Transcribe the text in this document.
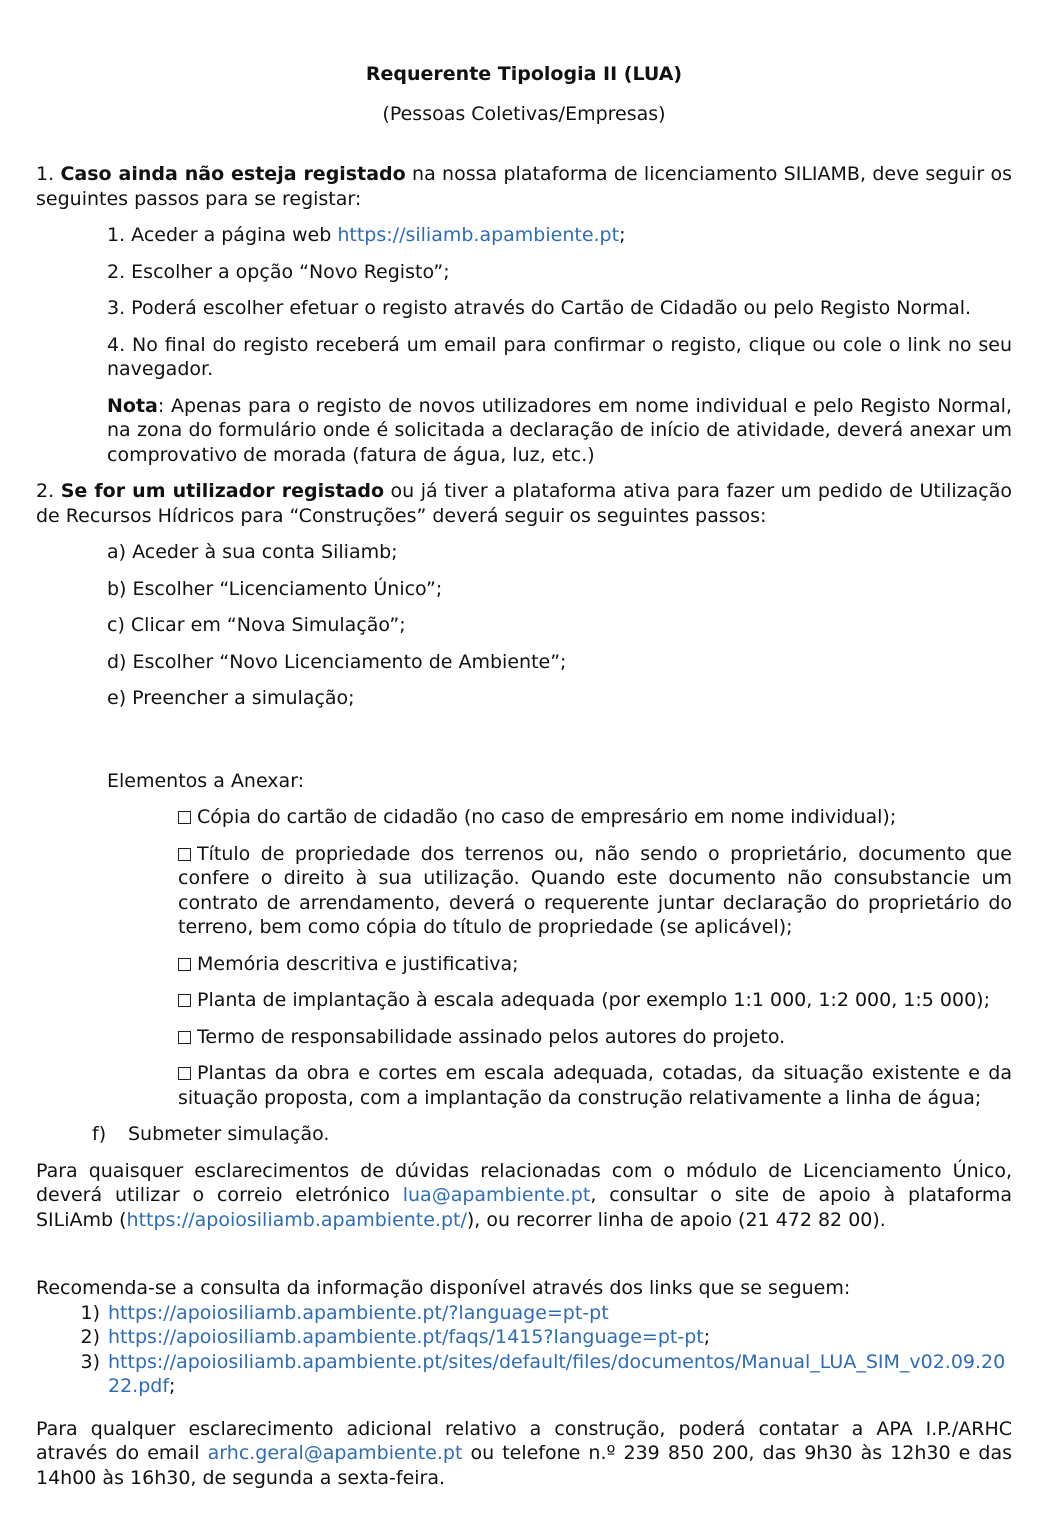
Requerente Tipologia II (LUA)

(Pessoas Coletivas/Empresas)

1. Caso ainda não esteja registado na nossa plataforma de licenciamento SILIAMB, deve seguir os seguintes passos para se registar:

1. Aceder a página web https://siliamb.apambiente.pt;

2. Escolher a opção “Novo Registo”;

3. Poderá escolher efetuar o registo através do Cartão de Cidadão ou pelo Registo Normal.

4. No final do registo receberá um email para confirmar o registo, clique ou cole o link no seu navegador.

Nota: Apenas para o registo de novos utilizadores em nome individual e pelo Registo Normal, na zona do formulário onde é solicitada a declaração de início de atividade, deverá anexar um comprovativo de morada (fatura de água, luz, etc.)

2. Se for um utilizador registado ou já tiver a plataforma ativa para fazer um pedido de Utilização de Recursos Hídricos para “Construções” deverá seguir os seguintes passos:

a) Aceder à sua conta Siliamb;

b) Escolher “Licenciamento Único”;

c) Clicar em “Nova Simulação”;

d) Escolher “Novo Licenciamento de Ambiente”;

e) Preencher a simulação;

Elementos a Anexar:

Cópia do cartão de cidadão (no caso de empresário em nome individual);

Título de propriedade dos terrenos ou, não sendo o proprietário, documento que confere o direito à sua utilização. Quando este documento não consubstancie um contrato de arrendamento, deverá o requerente juntar declaração do proprietário do terreno, bem como cópia do título de propriedade (se aplicável);

Memória descritiva e justificativa;

Planta de implantação à escala adequada (por exemplo 1:1 000, 1:2 000, 1:5 000);

Termo de responsabilidade assinado pelos autores do projeto.

Plantas da obra e cortes em escala adequada, cotadas, da situação existente e da situação proposta, com a implantação da construção relativamente a linha de água;

f) Submeter simulação.

Para quaisquer esclarecimentos de dúvidas relacionadas com o módulo de Licenciamento Único, deverá utilizar o correio eletrónico lua@apambiente.pt, consultar o site de apoio à plataforma SILiAmb (https://apoiosiliamb.apambiente.pt/), ou recorrer linha de apoio (21 472 82 00).

Recomenda-se a consulta da informação disponível através dos links que se seguem:

1) https://apoiosiliamb.apambiente.pt/?language=pt-pt
2) https://apoiosiliamb.apambiente.pt/faqs/1415?language=pt-pt;
3) https://apoiosiliamb.apambiente.pt/sites/default/files/documentos/Manual_LUA_SIM_v02.09.2022.pdf;

Para qualquer esclarecimento adicional relativo a construção, poderá contatar a APA I.P./ARHC através do email arhc.geral@apambiente.pt ou telefone n.º 239 850 200, das 9h30 às 12h30 e das 14h00 às 16h30, de segunda a sexta-feira.
